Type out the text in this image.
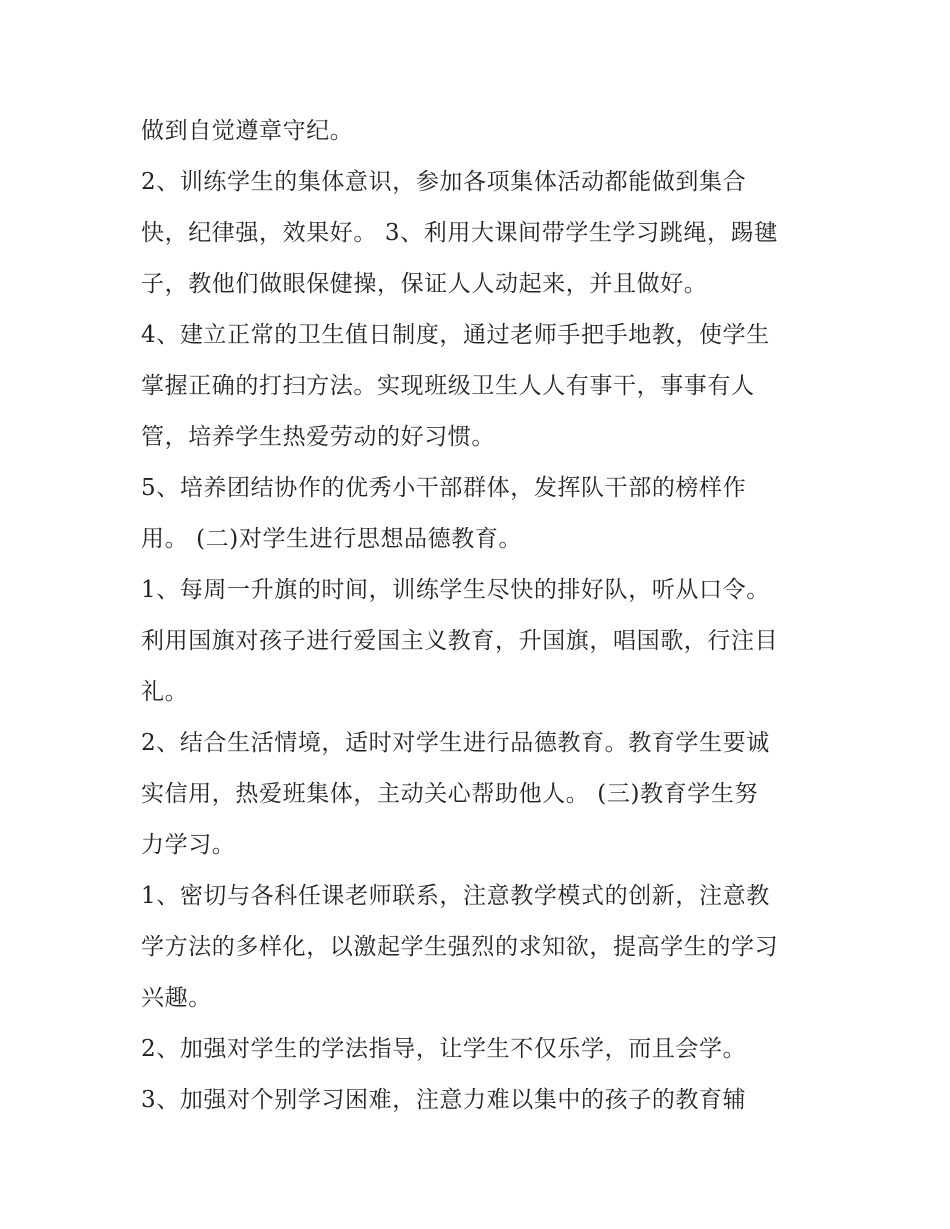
做到自觉遵章守纪。
2、训练学生的集体意识，参加各项集体活动都能做到集合
快，纪律强，效果好。 3、利用大课间带学生学习跳绳，踢毽
子，教他们做眼保健操，保证人人动起来，并且做好。
4、建立正常的卫生值日制度，通过老师手把手地教，使学生
掌握正确的打扫方法。实现班级卫生人人有事干，事事有人
管，培养学生热爱劳动的好习惯。
5、培养团结协作的优秀小干部群体，发挥队干部的榜样作
用。 (二)对学生进行思想品德教育。
1、每周一升旗的时间，训练学生尽快的排好队，听从口令。
利用国旗对孩子进行爱国主义教育，升国旗，唱国歌，行注目
礼。
2、结合生活情境，适时对学生进行品德教育。教育学生要诚
实信用，热爱班集体，主动关心帮助他人。 (三)教育学生努
力学习。
1、密切与各科任课老师联系，注意教学模式的创新，注意教
学方法的多样化，以激起学生强烈的求知欲，提高学生的学习
兴趣。
2、加强对学生的学法指导，让学生不仅乐学，而且会学。
3、加强对个别学习困难，注意力难以集中的孩子的教育辅
